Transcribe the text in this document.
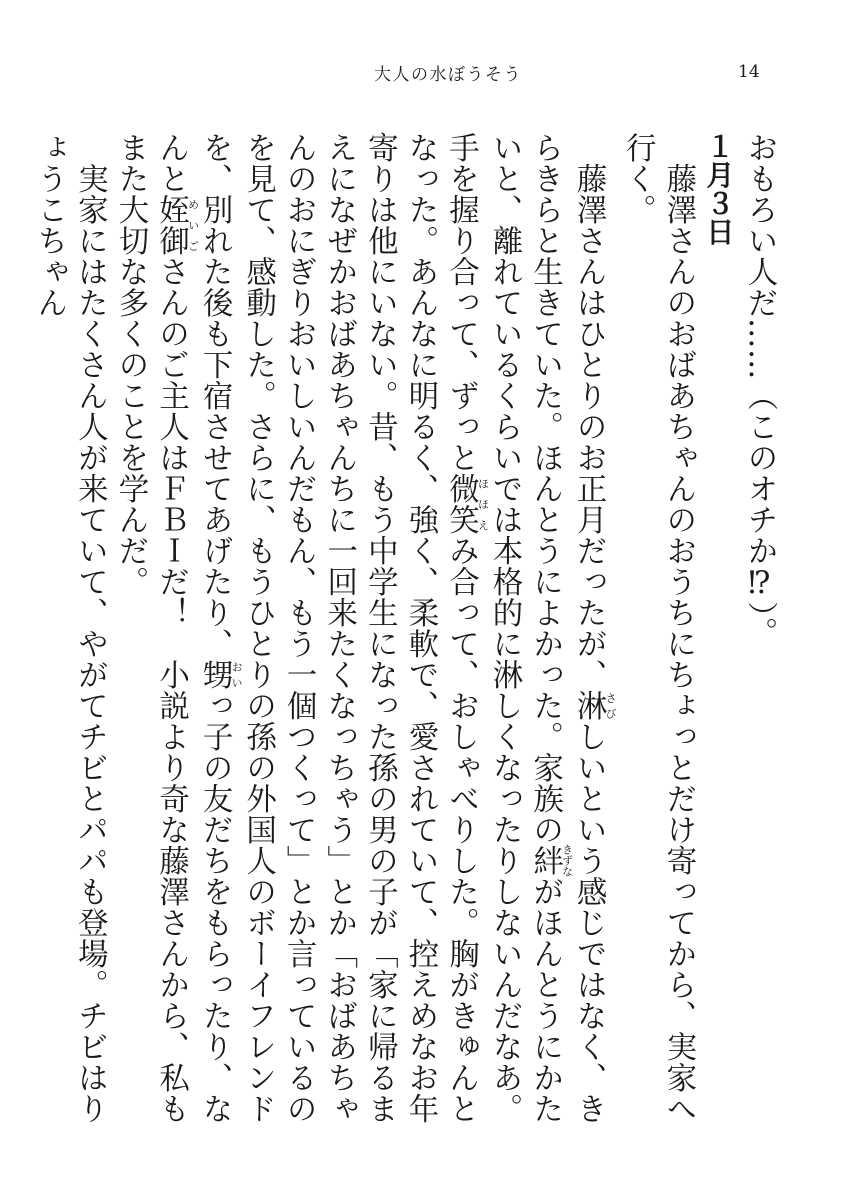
大人の水ぼうそう	14

おもろい人だ……（このオチか⁉）。

１月３日

藤澤さんのおばあちゃんのおうちにちょっとだけ寄ってから、実家へ行く。

藤澤さんはひとりのお正月だったが、淋さびしいという感じではなく、きらきらと生きていた。ほんとうによかった。家族の絆きずながほんとうにかたいと、離れているくらいでは本格的に淋しくなったりしないんだなあ。手を握り合って、ずっと微笑ほほえみ合って、おしゃべりした。胸がきゅんとなった。あんなに明るく、強く、柔軟で、愛されていて、控えめなお年寄りは他にいない。昔、もう中学生になった孫の男の子が「家に帰るまえになぜかおばあちゃんちに一回来たくなっちゃう」とか「おばあちゃんのおにぎりおいしいんだもん、もう一個つくって」とか言っているのを見て、感動した。さらに、もうひとりの孫の外国人のボーイフレンドを、別れた後も下宿させてあげたり、甥おいっ子の友だちをもらったり、なんと姪御めいごさんのご主人はＦＢＩだ！　小説より奇な藤澤さんから、私もまた大切な多くのことを学んだ。

実家にはたくさん人が来ていて、やがてチビとパパも登場。チビはりょうこちゃん
